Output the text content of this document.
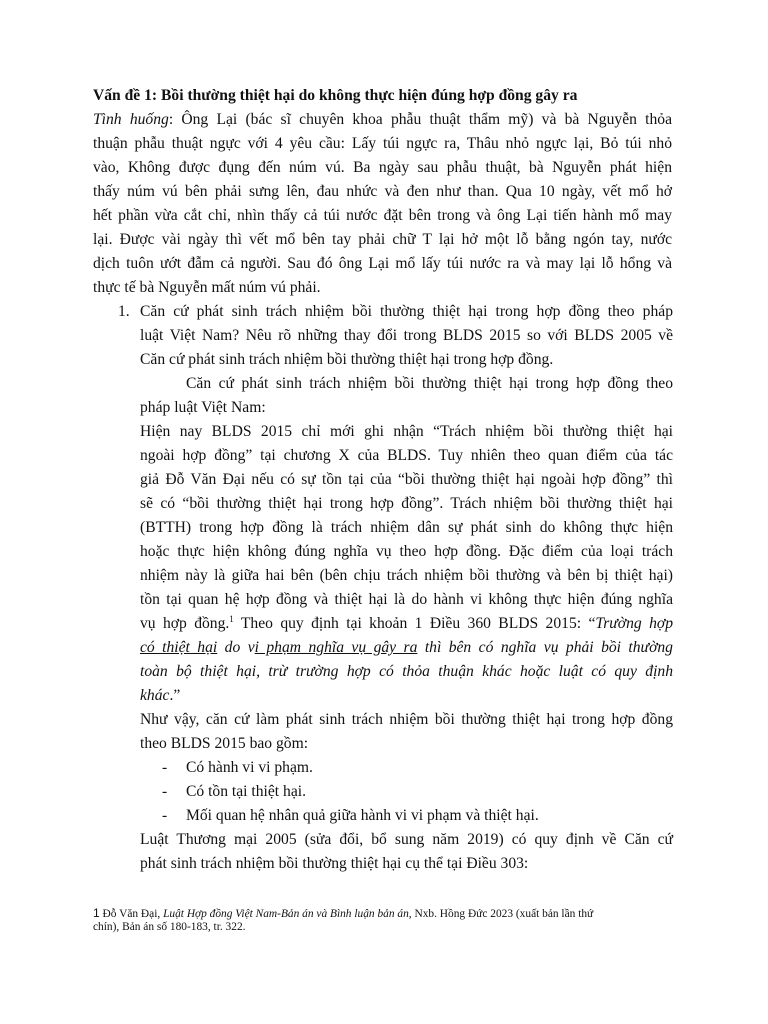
Vấn đề 1: Bồi thường thiệt hại do không thực hiện đúng hợp đồng gây ra
Tình huống: Ông Lại (bác sĩ chuyên khoa phẫu thuật thẩm mỹ) và bà Nguyễn thỏa
thuận phẫu thuật ngực với 4 yêu cầu: Lấy túi ngực ra, Thâu nhỏ ngực lại, Bỏ túi nhỏ
vào, Không được đụng đến núm vú. Ba ngày sau phẫu thuật, bà Nguyễn phát hiện
thấy núm vú bên phải sưng lên, đau nhức và đen như than. Qua 10 ngày, vết mổ hở
hết phần vừa cắt chỉ, nhìn thấy cả túi nước đặt bên trong và ông Lại tiến hành mổ may
lại. Được vài ngày thì vết mổ bên tay phải chữ T lại hở một lỗ bằng ngón tay, nước
dịch tuôn ướt đẫm cả người. Sau đó ông Lại mổ lấy túi nước ra và may lại lỗ hổng và
thực tế bà Nguyễn mất núm vú phải.
1. Căn cứ phát sinh trách nhiệm bồi thường thiệt hại trong hợp đồng theo pháp
luật Việt Nam? Nêu rõ những thay đổi trong BLDS 2015 so với BLDS 2005 về
Căn cứ phát sinh trách nhiệm bồi thường thiệt hại trong hợp đồng.
Căn cứ phát sinh trách nhiệm bồi thường thiệt hại trong hợp đồng theo
pháp luật Việt Nam:
Hiện nay BLDS 2015 chỉ mới ghi nhận “Trách nhiệm bồi thường thiệt hại
ngoài hợp đồng” tại chương X của BLDS. Tuy nhiên theo quan điểm của tác
giả Đỗ Văn Đại nếu có sự tồn tại của “bồi thường thiệt hại ngoài hợp đồng” thì
sẽ có “bồi thường thiệt hại trong hợp đồng”. Trách nhiệm bồi thường thiệt hại
(BTTH) trong hợp đồng là trách nhiệm dân sự phát sinh do không thực hiện
hoặc thực hiện không đúng nghĩa vụ theo hợp đồng. Đặc điểm của loại trách
nhiệm này là giữa hai bên (bên chịu trách nhiệm bồi thường và bên bị thiệt hại)
tồn tại quan hệ hợp đồng và thiệt hại là do hành vi không thực hiện đúng nghĩa
vụ hợp đồng.$^1$ Theo quy định tại khoản 1 Điều 360 BLDS 2015: “Trường hợp
có thiệt hại do vi phạm nghĩa vụ gây ra thì bên có nghĩa vụ phải bồi thường
toàn bộ thiệt hại, trừ trường hợp có thỏa thuận khác hoặc luật có quy định
khác.”
Như vậy, căn cứ làm phát sinh trách nhiệm bồi thường thiệt hại trong hợp đồng
theo BLDS 2015 bao gồm:
- Có hành vi vi phạm.
- Có tồn tại thiệt hại.
- Mối quan hệ nhân quả giữa hành vi vi phạm và thiệt hại.
Luật Thương mại 2005 (sửa đổi, bổ sung năm 2019) có quy định về Căn cứ
phát sinh trách nhiệm bồi thường thiệt hại cụ thể tại Điều 303:
1 Đỗ Văn Đại, Luật Hợp đồng Việt Nam-Bản án và Bình luận bản án, Nxb. Hồng Đức 2023 (xuất bản lần thứ
chín), Bản án số 180-183, tr. 322.
